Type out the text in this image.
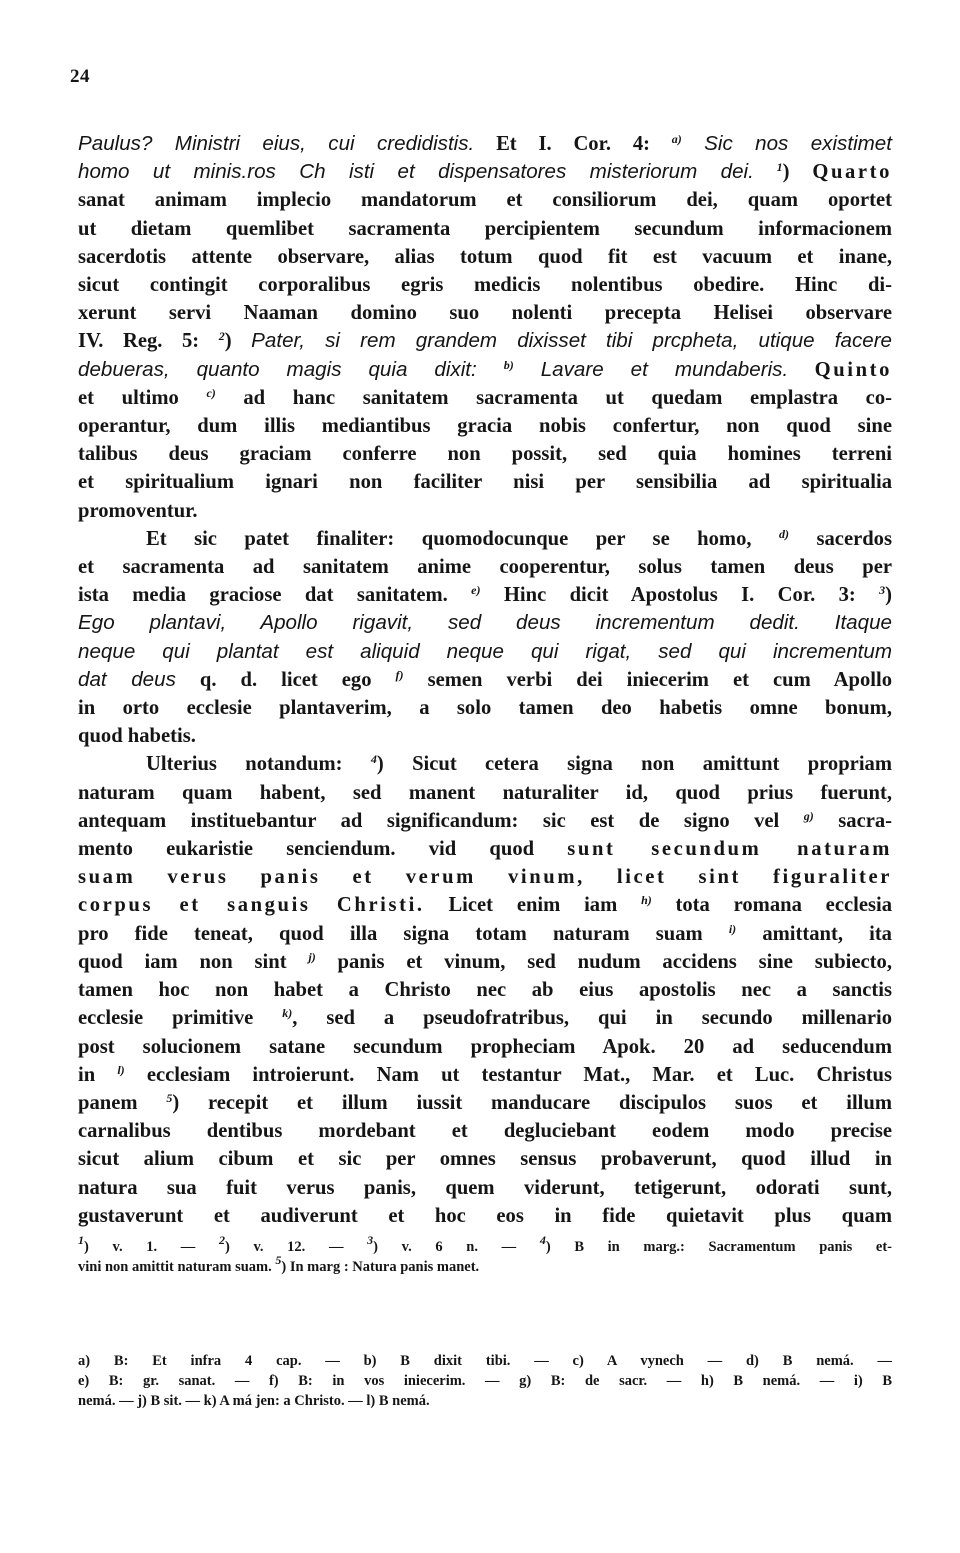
24
Paulus? Ministri eius, cui credidistis. Et I. Cor. 4: $^{a)}$ Sic nos existimet
homo ut minis.ros Ch isti et dispensatores misteriorum dei. $^1$) Quarto
sanat animam implecio mandatorum et consiliorum dei, quam oportet
ut dietam quemlibet sacramenta percipientem secundum informacionem
sacerdotis attente observare, alias totum quod fit est vacuum et inane,
sicut contingit corporalibus egris medicis nolentibus obedire. Hinc di-
xerunt servi Naaman domino suo nolenti precepta Helisei observare
IV. Reg. 5: $^2$) Pater, si rem grandem dixisset tibi prcpheta, utique facere
debueras, quanto magis quia dixit: $^{b)}$ Lavare et mundaberis. Quinto
et ultimo $^{c)}$ ad hanc sanitatem sacramenta ut quedam emplastra co-
operantur, dum illis mediantibus gracia nobis confertur, non quod sine
talibus deus graciam conferre non possit, sed quia homines terreni
et spiritualium ignari non faciliter nisi per sensibilia ad spiritualia
promoventur.
Et sic patet finaliter: quomodocunque per se homo, $^{d)}$ sacerdos
et sacramenta ad sanitatem anime cooperentur, solus tamen deus per
ista media graciose dat sanitatem. $^{e)}$ Hinc dicit Apostolus I. Cor. 3: $^3$)
Ego plantavi, Apollo rigavit, sed deus incrementum dedit. Itaque
neque qui plantat est aliquid neque qui rigat, sed qui incrementum
dat deus q. d. licet ego $^{f)}$ semen verbi dei iniecerim et cum Apollo
in orto ecclesie plantaverim, a solo tamen deo habetis omne bonum,
quod habetis.
Ulterius notandum: $^4$) Sicut cetera signa non amittunt propriam
naturam quam habent, sed manent naturaliter id, quod prius fuerunt,
antequam instituebantur ad significandum: sic est de signo vel $^{g)}$ sacra-
mento eukaristie senciendum. vid quod sunt secundum naturam
suam verus panis et verum vinum, licet sint figuraliter
corpus et sanguis Christi. Licet enim iam $^{h)}$ tota romana ecclesia
pro fide teneat, quod illa signa totam naturam suam $^{i)}$ amittant, ita
quod iam non sint $^{j)}$ panis et vinum, sed nudum accidens sine subiecto,
tamen hoc non habet a Christo nec ab eius apostolis nec a sanctis
ecclesie primitive $^{k)}$, sed a pseudofratribus, qui in secundo millenario
post solucionem satane secundum propheciam Apok. 20 ad seducendum
in $^{l)}$ ecclesiam introierunt. Nam ut testantur Mat., Mar. et Luc. Christus
panem $^5$) recepit et illum iussit manducare discipulos suos et illum
carnalibus dentibus mordebant et degluciebant eodem modo precise
sicut alium cibum et sic per omnes sensus probaverunt, quod illud in
natura sua fuit verus panis, quem viderunt, tetigerunt, odorati sunt,
gustaverunt et audiverunt et hoc eos in fide quietavit plus quam
$^1$) v. 1. — $^2$) v. 12. — $^3$) v. 6 n. — $^4$) B in marg.: Sacramentum panis et-
vini non amittit naturam suam. $^5$) In marg : Natura panis manet.
a) B: Et infra 4 cap. — b) B dixit tibi. — c) A vynech — d) B nemá. —
e) B: gr. sanat. — f) B: in vos iniecerim. — g) B: de sacr. — h) B nemá. — i) B
nemá. — j) B sit. — k) A má jen: a Christo. — l) B nemá.
